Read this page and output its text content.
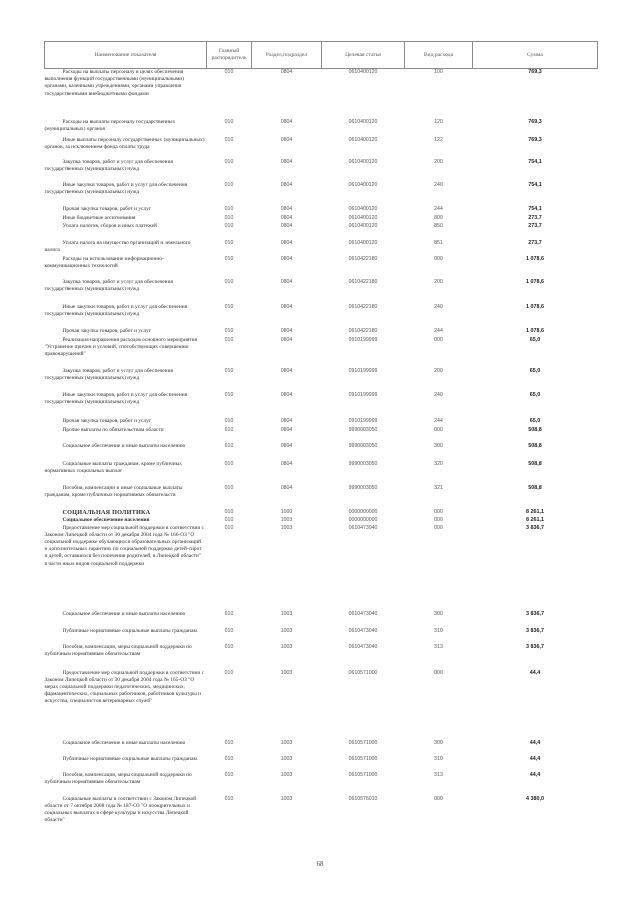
Наименование показателя	Главный распорядитель	Раздел,подраздел	Целевая статья	Вид расхода	Сумма
Расходы на выплаты персоналу в целях обеспечения выполнения функций государственными (муниципальными) органами, казенными учреждениями, органами управления государственными внебюджетными фондами	010	0804	0610400120	100	769,3
Расходы на выплаты персоналу государственных (муниципальных) органов	010	0804	0610400120	120	769,3
Иные выплаты персоналу государственных (муниципальных) органов, за исключением фонда оплаты труда	010	0804	0610400120	122	769,3
Закупка товаров, работ и услуг для обеспечения государственных (муниципальных) нужд	010	0804	0610400120	200	754,1
Иные закупки товаров, работ и услуг для обеспечения государственных (муниципальных) нужд	010	0804	0610400120	240	754,1
Прочая закупка товаров, работ и услуг	010	0804	0610400120	244	754,1
Иные бюджетные ассигнования	010	0804	0610400120	800	273,7
Уплата налогов, сборов и иных платежей	010	0804	0610400120	850	273,7
Уплата налога на имущество организаций и земельного налога	010	0804	0610400120	851	273,7
Расходы на использование информационно-коммуникационных технологий	010	0804	0610422180	000	1 078,6
Закупка товаров, работ и услуг для обеспечения государственных (муниципальных) нужд	010	0804	0610422180	200	1 078,6
Иные закупки товаров, работ и услуг для обеспечения государственных (муниципальных) нужд	010	0804	0610422180	240	1 078,6
Прочая закупка товаров, работ и услуг	010	0804	0610422180	244	1 078,6
Реализация направления расходов основного мероприятия "Устранение причин и условий, способствующих совершению правонарушений"	010	0804	0910199999	000	65,0
Закупка товаров, работ и услуг для обеспечения государственных (муниципальных) нужд	010	0804	0910199999	200	65,0
Иные закупки товаров, работ и услуг для обеспечения государственных (муниципальных) нужд	010	0804	0910199999	240	65,0
Прочая закупка товаров, работ и услуг	010	0804	0910199999	244	65,0
Прочие выплаты по обязательствам области	010	0804	9990003050	000	508,8
Социальное обеспечение и иные выплаты населению	010	0804	9990003050	300	508,8
Социальные выплаты гражданам, кроме публичных нормативных социальных выплат	010	0804	9990003050	320	508,8
Пособия, компенсации и иные социальные выплаты гражданам, кроме публичных нормативных обязательств	010	0804	9990003050	321	508,8
СОЦИАЛЬНАЯ ПОЛИТИКА	010	1000	0000000000	000	8 261,1
Социальное обеспечение населения	010	1003	0000000000	000	8 261,1
Предоставление мер социальной поддержки в соответствии с Законом Липецкой области от 30 декабря 2004 года № 166-ОЗ "О социальной поддержке обучающихся образовательных организаций и дополнительных гарантиях по социальной поддержке детей-сирот и детей, оставшихся без попечения родителей, в Липецкой области" в части иных видов социальной поддержки	010	1003	0610473040	000	3 836,7
Социальное обеспечение и иные выплаты населению	010	1003	0610473040	300	3 836,7
Публичные нормативные социальные выплаты гражданам	010	1003	0610473040	310	3 836,7
Пособия, компенсации, меры социальной поддержки по публичным нормативным обязательствам	010	1003	0610473040	313	3 836,7
Предоставление мер социальной поддержки в соответствии с Законом Липецкой области от 30 декабря 2004 года № 165-ОЗ "О мерах социальной поддержки педагогических, медицинских, фармацевтических, социальных работников, работников культуры и искусства, специалистов ветеринарных служб"	010	1003	0610571000	000	44,4
Социальное обеспечение и иные выплаты населению	010	1003	0610571000	300	44,4
Публичные нормативные социальные выплаты гражданам	010	1003	0610571000	310	44,4
Пособия, компенсации, меры социальной поддержки по публичным нормативным обязательствам	010	1003	0610571000	313	44,4
Социальные выплаты в соответствии с Законом Липецкой области от 7 октября 2008 года № 187-ОЗ "О поощрительных и социальных выплатах в сфере культуры и искусства Липецкой области"	010	1003	0610576010	000	4 380,0
68
